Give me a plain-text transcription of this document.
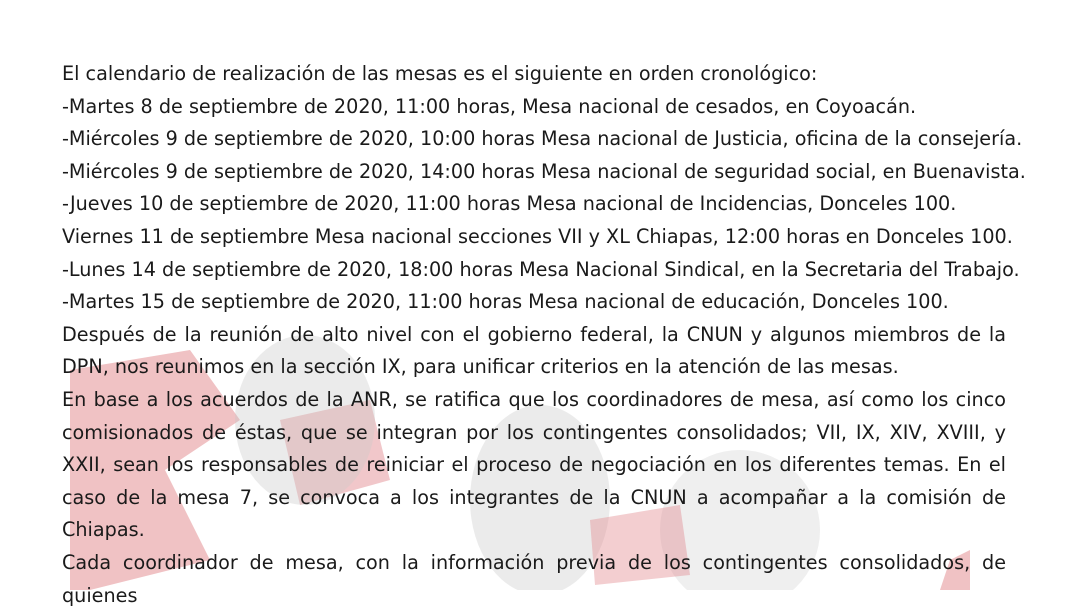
El calendario de realización de las mesas es el siguiente en orden cronológico:
-Martes 8 de septiembre de 2020, 11:00 horas, Mesa nacional de cesados, en Coyoacán.
-Miércoles 9 de septiembre de 2020, 10:00 horas Mesa nacional de Justicia, oficina de la consejería.
-Miércoles 9 de septiembre de 2020, 14:00 horas Mesa nacional de seguridad social, en Buenavista.
-Jueves 10 de septiembre de 2020, 11:00 horas Mesa nacional de Incidencias, Donceles 100.
Viernes 11 de septiembre Mesa nacional secciones VII y XL Chiapas, 12:00 horas en Donceles 100.
-Lunes 14 de septiembre de 2020, 18:00 horas Mesa Nacional Sindical, en la Secretaria del Trabajo.
-Martes 15 de septiembre de 2020, 11:00 horas Mesa nacional de educación, Donceles 100.
Después de la reunión de alto nivel con el gobierno federal, la CNUN y algunos miembros de la DPN, nos reunimos en la sección IX, para unificar criterios en la atención de las mesas.
En base a los acuerdos de la ANR, se ratifica que los coordinadores de mesa, así como los cinco comisionados de éstas, que se integran por los contingentes consolidados; VII, IX, XIV, XVIII, y XXII, sean los responsables de reiniciar el proceso de negociación en los diferentes temas. En el caso de la mesa 7, se convoca a los integrantes de la CNUN a acompañar a la comisión de Chiapas.
Cada coordinador de mesa, con la información previa de los contingentes consolidados, de quienes
